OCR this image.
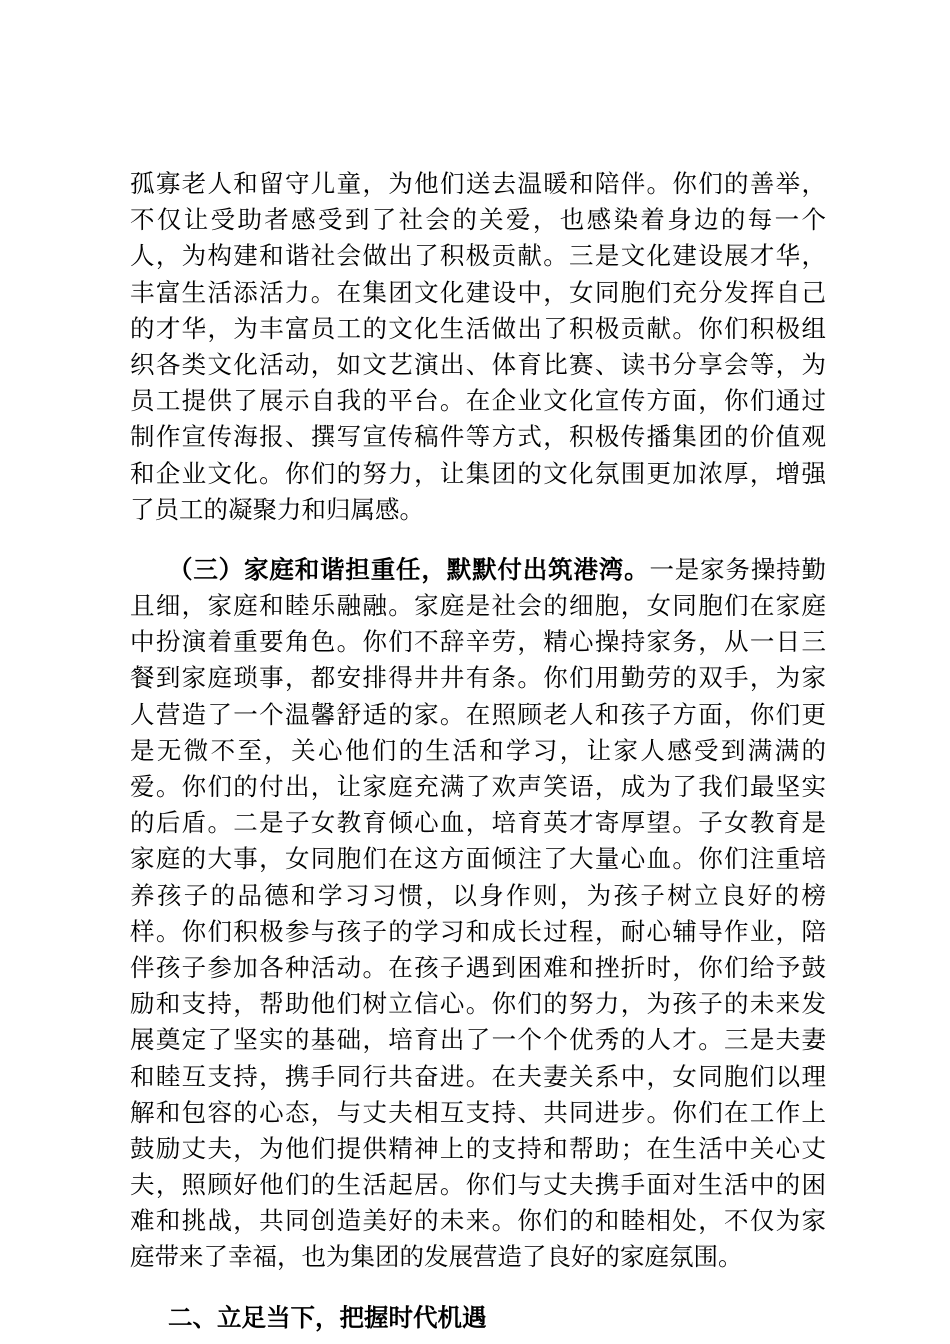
孤寡老人和留守儿童，为他们送去温暖和陪伴。你们的善举，
不仅让受助者感受到了社会的关爱，也感染着身边的每一个
人，为构建和谐社会做出了积极贡献。三是文化建设展才华，
丰富生活添活力。在集团文化建设中，女同胞们充分发挥自己
的才华，为丰富员工的文化生活做出了积极贡献。你们积极组
织各类文化活动，如文艺演出、体育比赛、读书分享会等，为
员工提供了展示自我的平台。在企业文化宣传方面，你们通过
制作宣传海报、撰写宣传稿件等方式，积极传播集团的价值观
和企业文化。你们的努力，让集团的文化氛围更加浓厚，增强
了员工的凝聚力和归属感。
（三）家庭和谐担重任，默默付出筑港湾。一是家务操持勤
且细，家庭和睦乐融融。家庭是社会的细胞，女同胞们在家庭
中扮演着重要角色。你们不辞辛劳，精心操持家务，从一日三
餐到家庭琐事，都安排得井井有条。你们用勤劳的双手，为家
人营造了一个温馨舒适的家。在照顾老人和孩子方面，你们更
是无微不至，关心他们的生活和学习，让家人感受到满满的
爱。你们的付出，让家庭充满了欢声笑语，成为了我们最坚实
的后盾。二是子女教育倾心血，培育英才寄厚望。子女教育是
家庭的大事，女同胞们在这方面倾注了大量心血。你们注重培
养孩子的品德和学习习惯，以身作则，为孩子树立良好的榜
样。你们积极参与孩子的学习和成长过程，耐心辅导作业，陪
伴孩子参加各种活动。在孩子遇到困难和挫折时，你们给予鼓
励和支持，帮助他们树立信心。你们的努力，为孩子的未来发
展奠定了坚实的基础，培育出了一个个优秀的人才。三是夫妻
和睦互支持，携手同行共奋进。在夫妻关系中，女同胞们以理
解和包容的心态，与丈夫相互支持、共同进步。你们在工作上
鼓励丈夫，为他们提供精神上的支持和帮助；在生活中关心丈
夫，照顾好他们的生活起居。你们与丈夫携手面对生活中的困
难和挑战，共同创造美好的未来。你们的和睦相处，不仅为家
庭带来了幸福，也为集团的发展营造了良好的家庭氛围。
二、立足当下，把握时代机遇
